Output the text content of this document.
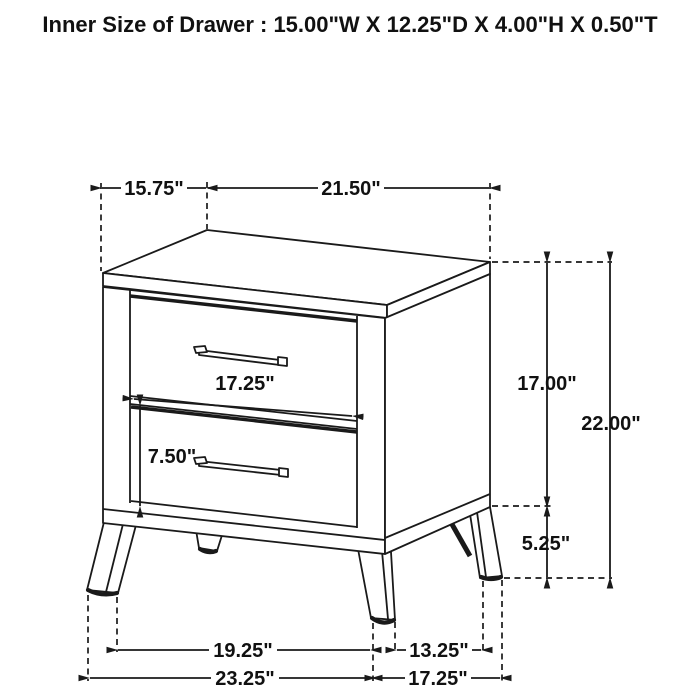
15.75"	21.50"
17.25"
7.50"
17.00"
22.00"
5.25"
19.25"	13.25"
23.25"	17.25"
Inner Size of Drawer : 15.00"W X 12.25"D X 4.00"H X 0.50"T
